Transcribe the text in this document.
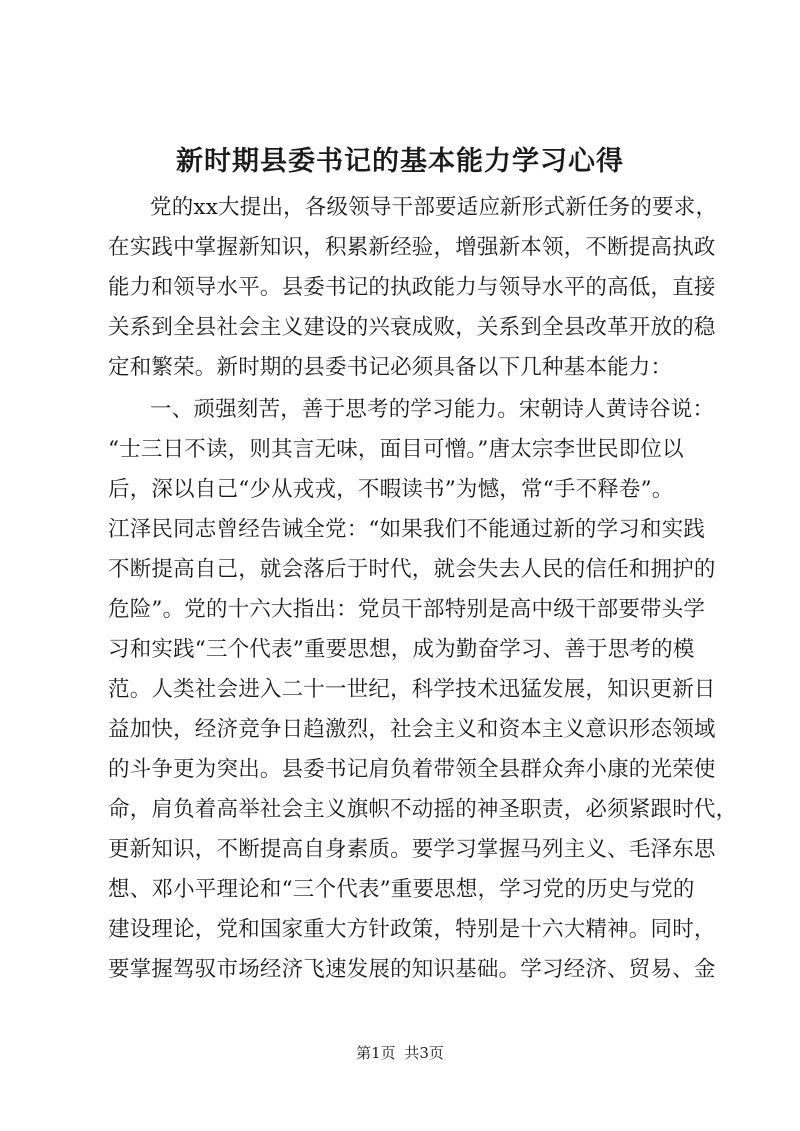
新时期县委书记的基本能力学习心得
党的xx大提出，各级领导干部要适应新形式新任务的要求，
在实践中掌握新知识，积累新经验，增强新本领，不断提高执政
能力和领导水平。县委书记的执政能力与领导水平的高低，直接
关系到全县社会主义建设的兴衰成败，关系到全县改革开放的稳
定和繁荣。新时期的县委书记必须具备以下几种基本能力：
一、顽强刻苦，善于思考的学习能力。宋朝诗人黄诗谷说：
“士三日不读，则其言无味，面目可憎。”唐太宗李世民即位以
后，深以自己“少从戎戎，不暇读书”为憾，常“手不释卷”。
江泽民同志曾经告诫全党：“如果我们不能通过新的学习和实践
不断提高自己，就会落后于时代，就会失去人民的信任和拥护的
危险”。党的十六大指出：党员干部特别是高中级干部要带头学
习和实践“三个代表”重要思想，成为勤奋学习、善于思考的模
范。人类社会进入二十一世纪，科学技术迅猛发展，知识更新日
益加快，经济竞争日趋激烈，社会主义和资本主义意识形态领域
的斗争更为突出。县委书记肩负着带领全县群众奔小康的光荣使
命，肩负着高举社会主义旗帜不动摇的神圣职责，必须紧跟时代，
更新知识，不断提高自身素质。要学习掌握马列主义、毛泽东思
想、邓小平理论和“三个代表”重要思想，学习党的历史与党的
建设理论，党和国家重大方针政策，特别是十六大精神。同时，
要掌握驾驭市场经济飞速发展的知识基础。学习经济、贸易、金
第1页 共3页
